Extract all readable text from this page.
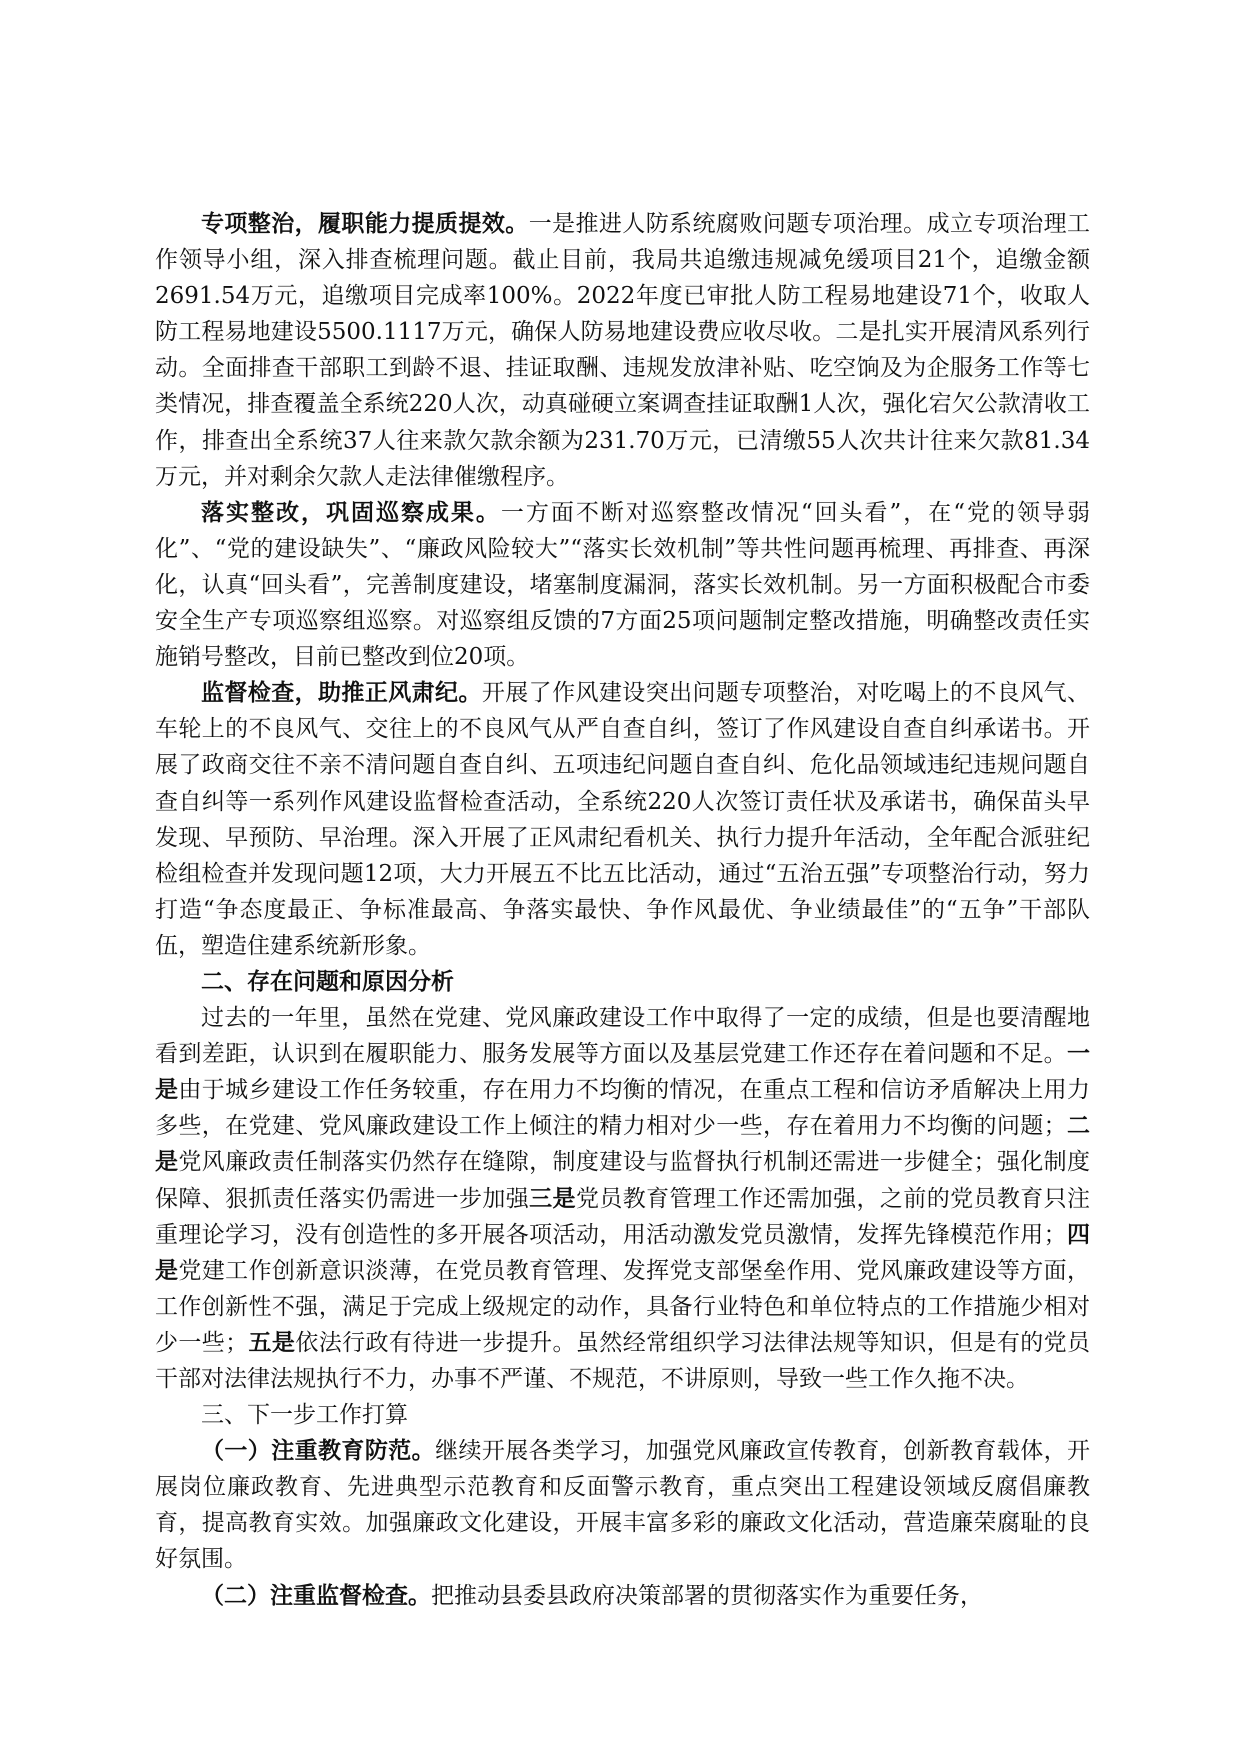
专项整治，履职能力提质提效。一是推进人防系统腐败问题专项治理。成立专项治理工作领导小组，深入排查梳理问题。截止目前，我局共追缴违规减免缓项目21个，追缴金额2691.54万元，追缴项目完成率100%。2022年度已审批人防工程易地建设71个，收取人防工程易地建设5500.1117万元，确保人防易地建设费应收尽收。二是扎实开展清风系列行动。全面排查干部职工到龄不退、挂证取酬、违规发放津补贴、吃空饷及为企服务工作等七类情况，排查覆盖全系统220人次，动真碰硬立案调查挂证取酬1人次，强化宕欠公款清收工作，排查出全系统37人往来款欠款余额为231.70万元，已清缴55人次共计往来欠款81.34万元，并对剩余欠款人走法律催缴程序。

落实整改，巩固巡察成果。一方面不断对巡察整改情况“回头看”，在“党的领导弱化”、“党的建设缺失”、“廉政风险较大”“落实长效机制”等共性问题再梳理、再排查、再深化，认真“回头看”，完善制度建设，堵塞制度漏洞，落实长效机制。另一方面积极配合市委安全生产专项巡察组巡察。对巡察组反馈的7方面25项问题制定整改措施，明确整改责任实施销号整改，目前已整改到位20项。

监督检查，助推正风肃纪。开展了作风建设突出问题专项整治，对吃喝上的不良风气、车轮上的不良风气、交往上的不良风气从严自查自纠，签订了作风建设自查自纠承诺书。开展了政商交往不亲不清问题自查自纠、五项违纪问题自查自纠、危化品领域违纪违规问题自查自纠等一系列作风建设监督检查活动，全系统220人次签订责任状及承诺书，确保苗头早发现、早预防、早治理。深入开展了正风肃纪看机关、执行力提升年活动，全年配合派驻纪检组检查并发现问题12项，大力开展五不比五比活动，通过“五治五强”专项整治行动，努力打造“争态度最正、争标准最高、争落实最快、争作风最优、争业绩最佳”的“五争”干部队伍，塑造住建系统新形象。

二、存在问题和原因分析

过去的一年里，虽然在党建、党风廉政建设工作中取得了一定的成绩，但是也要清醒地看到差距，认识到在履职能力、服务发展等方面以及基层党建工作还存在着问题和不足。一是由于城乡建设工作任务较重，存在用力不均衡的情况，在重点工程和信访矛盾解决上用力多些，在党建、党风廉政建设工作上倾注的精力相对少一些，存在着用力不均衡的问题；二是党风廉政责任制落实仍然存在缝隙，制度建设与监督执行机制还需进一步健全；强化制度保障、狠抓责任落实仍需进一步加强三是党员教育管理工作还需加强，之前的党员教育只注重理论学习，没有创造性的多开展各项活动，用活动激发党员激情，发挥先锋模范作用；四是党建工作创新意识淡薄，在党员教育管理、发挥党支部堡垒作用、党风廉政建设等方面，工作创新性不强，满足于完成上级规定的动作，具备行业特色和单位特点的工作措施少相对少一些；五是依法行政有待进一步提升。虽然经常组织学习法律法规等知识，但是有的党员干部对法律法规执行不力，办事不严谨、不规范，不讲原则，导致一些工作久拖不决。

三、下一步工作打算

（一）注重教育防范。继续开展各类学习，加强党风廉政宣传教育，创新教育载体，开展岗位廉政教育、先进典型示范教育和反面警示教育，重点突出工程建设领域反腐倡廉教育，提高教育实效。加强廉政文化建设，开展丰富多彩的廉政文化活动，营造廉荣腐耻的良好氛围。

（二）注重监督检查。把推动县委县政府决策部署的贯彻落实作为重要任务，
